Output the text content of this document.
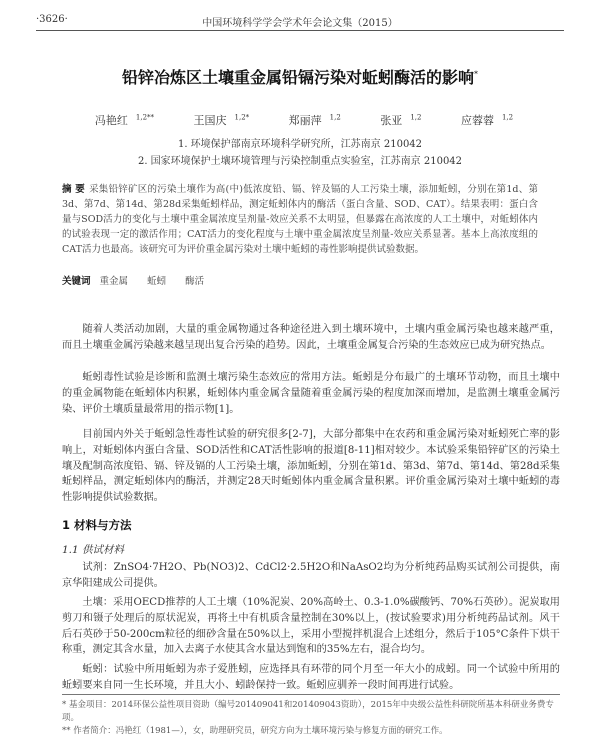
·3626·	中国环境科学学会学术年会论文集（2015）
铅锌冶炼区土壤重金属铅镉污染对蚯蚓酶活的影响*
冯艳红 $^{1,2**}$	王国庆 $^{1,2*}$	郑丽萍 $^{1,2}$	张亚 $^{1,2}$	应蓉蓉 $^{1,2}$
1. 环境保护部南京环境科学研究所，江苏南京 210042
2. 国家环境保护土壤环境管理与污染控制重点实验室，江苏南京 210042
摘 要 采集铅锌矿区的污染土壤作为高(中)低浓度铅、镉、锌及镉的人工污染土壤，添加蚯蚓，分别在第1d、第3d、第7d、第14d、第28d采集蚯蚓样品，测定蚯蚓体内的酶活（蛋白含量、SOD、CAT）。结果表明：蛋白含量与SOD活力的变化与土壤中重金属浓度呈剂量-效应关系不太明显，但暴露在高浓度的人工土壤中，对蚯蚓体内的试验表现一定的激活作用；CAT活力的变化程度与土壤中重金属浓度呈剂量-效应关系显著。基本上高浓度组的CAT活力也最高。该研究可为评价重金属污染对土壤中蚯蚓的毒性影响提供试验数据。
关键词 重金属 蚯蚓 酶活

随着人类活动加剧，大量的重金属物通过各种途径进入到土壤环境中，土壤内重金属污染也越来越严重，而且土壤重金属污染越来越呈现出复合污染的趋势。因此，土壤重金属复合污染的生态效应已成为研究热点。

蚯蚓毒性试验是诊断和监测土壤污染生态效应的常用方法。蚯蚓是分布最广的土壤环节动物，而且土壤中的重金属物能在蚯蚓体内积累，蚯蚓体内重金属含量随着重金属污染的程度加深而增加，是监测土壤重金属污染、评价土壤质量最常用的指示物[1]。

目前国内外关于蚯蚓急性毒性试验的研究很多[2-7]，大部分都集中在农药和重金属污染对蚯蚓死亡率的影响上，对蚯蚓体内蛋白含量、SOD活性和CAT活性影响的报道[8-11]相对较少。本试验采集铅锌矿区的污染土壤及配制高浓度铅、镉、锌及镉的人工污染土壤，添加蚯蚓，分别在第1d、第3d、第7d、第14d、第28d采集蚯蚓样品，测定蚯蚓体内的酶活，并测定28天时蚯蚓体内重金属含量积累。评价重金属污染对土壤中蚯蚓的毒性影响提供试验数据。

1 材料与方法
1.1 供试材料

试剂：ZnSO4·7H2O、Pb(NO3)2、CdCl2·2.5H2O和NaAsO2均为分析纯药品购买试剂公司提供，南京华阳建成公司提供。

土壤：采用OECD推荐的人工土壤（10%泥炭、20%高岭土、0.3-1.0%碳酸钙、70%石英砂）。泥炭取用剪刀和镊子处理后的原状泥炭，再将土中有机质含量控制在30%以上，(按试验要求)用分析纯药品试剂。风干后石英砂于50-200cm粒径的细砂含量在50%以上，采用小型搅拌机混合上述组分，然后于105°C条件下烘干称重，测定其含水量，加入去离子水使其含水量达到饱和的35%左右，混合均匀。

蚯蚓：试验中所用蚯蚓为赤子爱胜蚓，应选择具有环带的同个月至一年大小的成蚓。同一个试验中所用的蚯蚓要来自同一生长环境，并且大小、蚓龄保持一致。蚯蚓应驯养一段时间再进行试验。

* 基金项目：2014环保公益性项目资助（编号201409041和201409043资助），2015年中央级公益性科研院所基本科研业务费专项。
** 作者简介：冯艳红（1981—），女，助理研究员，研究方向为土壤环境污染与修复方面的研究工作。
